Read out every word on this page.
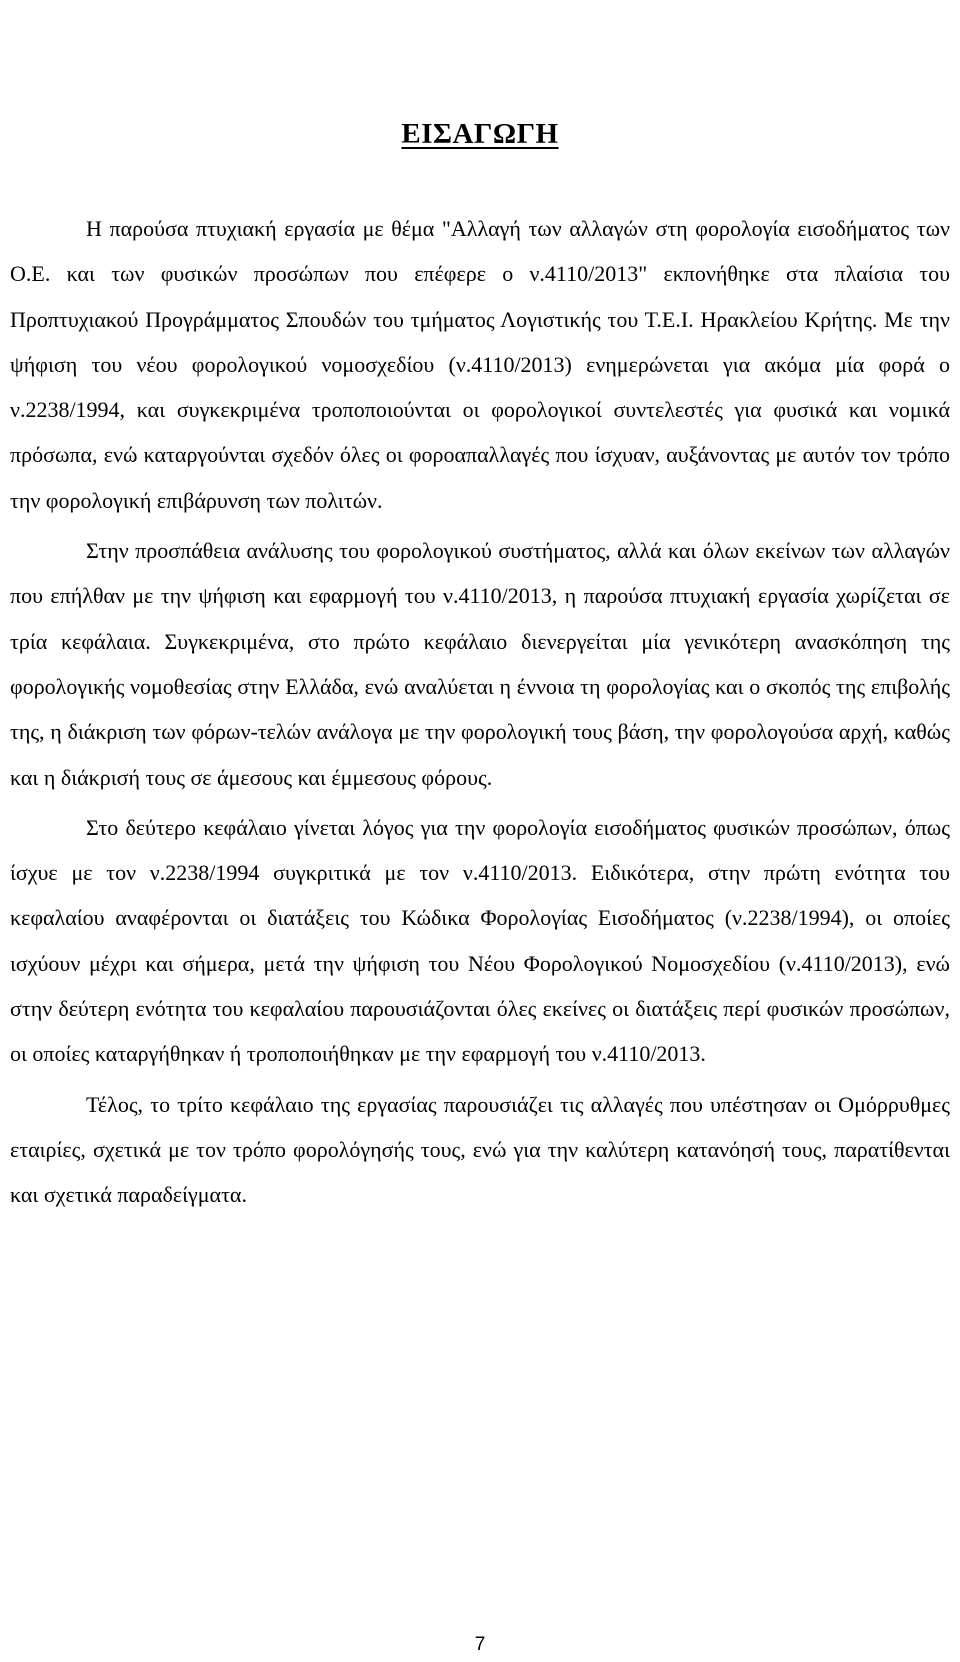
ΕΙΣΑΓΩΓΗ

Η παρούσα πτυχιακή εργασία με θέμα "Αλλαγή των αλλαγών στη φορολογία εισοδήματος των Ο.Ε. και των φυσικών προσώπων που επέφερε ο ν.4110/2013" εκπονήθηκε στα πλαίσια του Προπτυχιακού Προγράμματος Σπουδών του τμήματος Λογιστικής του Τ.Ε.Ι. Ηρακλείου Κρήτης. Με την ψήφιση του νέου φορολογικού νομοσχεδίου (ν.4110/2013) ενημερώνεται για ακόμα μία φορά ο ν.2238/1994, και συγκεκριμένα τροποποιούνται οι φορολογικοί συντελεστές για φυσικά και νομικά πρόσωπα, ενώ καταργούνται σχεδόν όλες οι φοροαπαλλαγές που ίσχυαν, αυξάνοντας με αυτόν τον τρόπο την φορολογική επιβάρυνση των πολιτών.

Στην προσπάθεια ανάλυσης του φορολογικού συστήματος, αλλά και όλων εκείνων των αλλαγών που επήλθαν με την ψήφιση και εφαρμογή του ν.4110/2013, η παρούσα πτυχιακή εργασία χωρίζεται σε τρία κεφάλαια. Συγκεκριμένα, στο πρώτο κεφάλαιο διενεργείται μία γενικότερη ανασκόπηση της φορολογικής νομοθεσίας στην Ελλάδα, ενώ αναλύεται η έννοια τη φορολογίας και ο σκοπός της επιβολής της, η διάκριση των φόρων-τελών ανάλογα με την φορολογική τους βάση, την φορολογούσα αρχή, καθώς και η διάκρισή τους σε άμεσους και έμμεσους φόρους.

Στο δεύτερο κεφάλαιο γίνεται λόγος για την φορολογία εισοδήματος φυσικών προσώπων, όπως ίσχυε με τον ν.2238/1994 συγκριτικά με τον ν.4110/2013. Ειδικότερα, στην πρώτη ενότητα του κεφαλαίου αναφέρονται οι διατάξεις του Κώδικα Φορολογίας Εισοδήματος (ν.2238/1994), οι οποίες ισχύουν μέχρι και σήμερα, μετά την ψήφιση του Νέου Φορολογικού Νομοσχεδίου (ν.4110/2013), ενώ στην δεύτερη ενότητα του κεφαλαίου παρουσιάζονται όλες εκείνες οι διατάξεις περί φυσικών προσώπων, οι οποίες καταργήθηκαν ή τροποποιήθηκαν με την εφαρμογή του ν.4110/2013.

Τέλος, το τρίτο κεφάλαιο της εργασίας παρουσιάζει τις αλλαγές που υπέστησαν οι Ομόρρυθμες εταιρίες, σχετικά με τον τρόπο φορολόγησής τους, ενώ για την καλύτερη κατανόησή τους, παρατίθενται και σχετικά παραδείγματα.

7
